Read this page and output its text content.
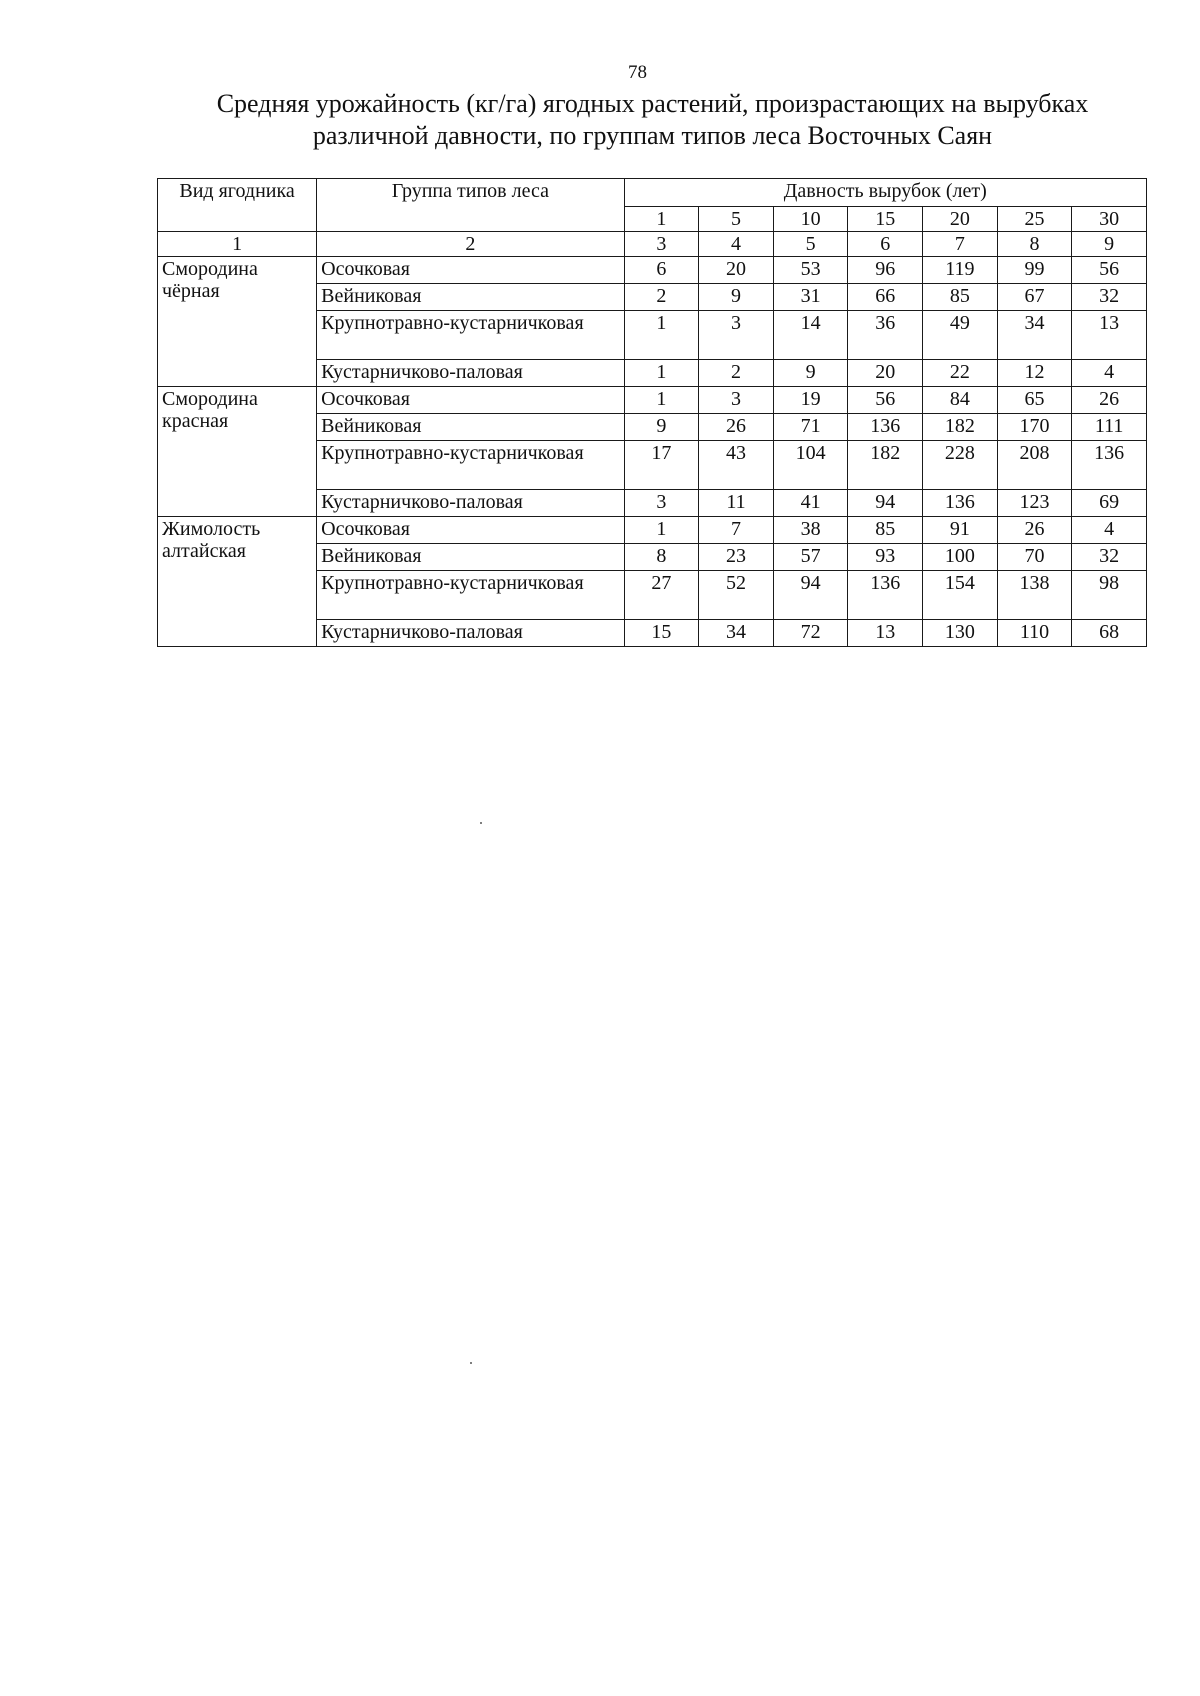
78
Средняя урожайность (кг/га) ягодных растений, произрастающих на вырубках
различной давности, по группам типов леса Восточных Саян
Вид ягодника	Группа типов леса	Давность вырубок (лет)						
		1	5	10	15	20	25	30
1	2	3	4	5	6	7	8	9
Смородина чёрная	Осочковая	6	20	53	96	119	99	56
	Вейниковая	2	9	31	66	85	67	32
	Крупнотравно-кустарничковая	1	3	14	36	49	34	13
	Кустарничково-паловая	1	2	9	20	22	12	4
Смородина красная	Осочковая	1	3	19	56	84	65	26
	Вейниковая	9	26	71	136	182	170	111
	Крупнотравно-кустарничковая	17	43	104	182	228	208	136
	Кустарничково-паловая	3	11	41	94	136	123	69
Жимолость алтайская	Осочковая	1	7	38	85	91	26	4
	Вейниковая	8	23	57	93	100	70	32
	Крупнотравно-кустарничковая	27	52	94	136	154	138	98
	Кустарничково-паловая	15	34	72	13	130	110	68
